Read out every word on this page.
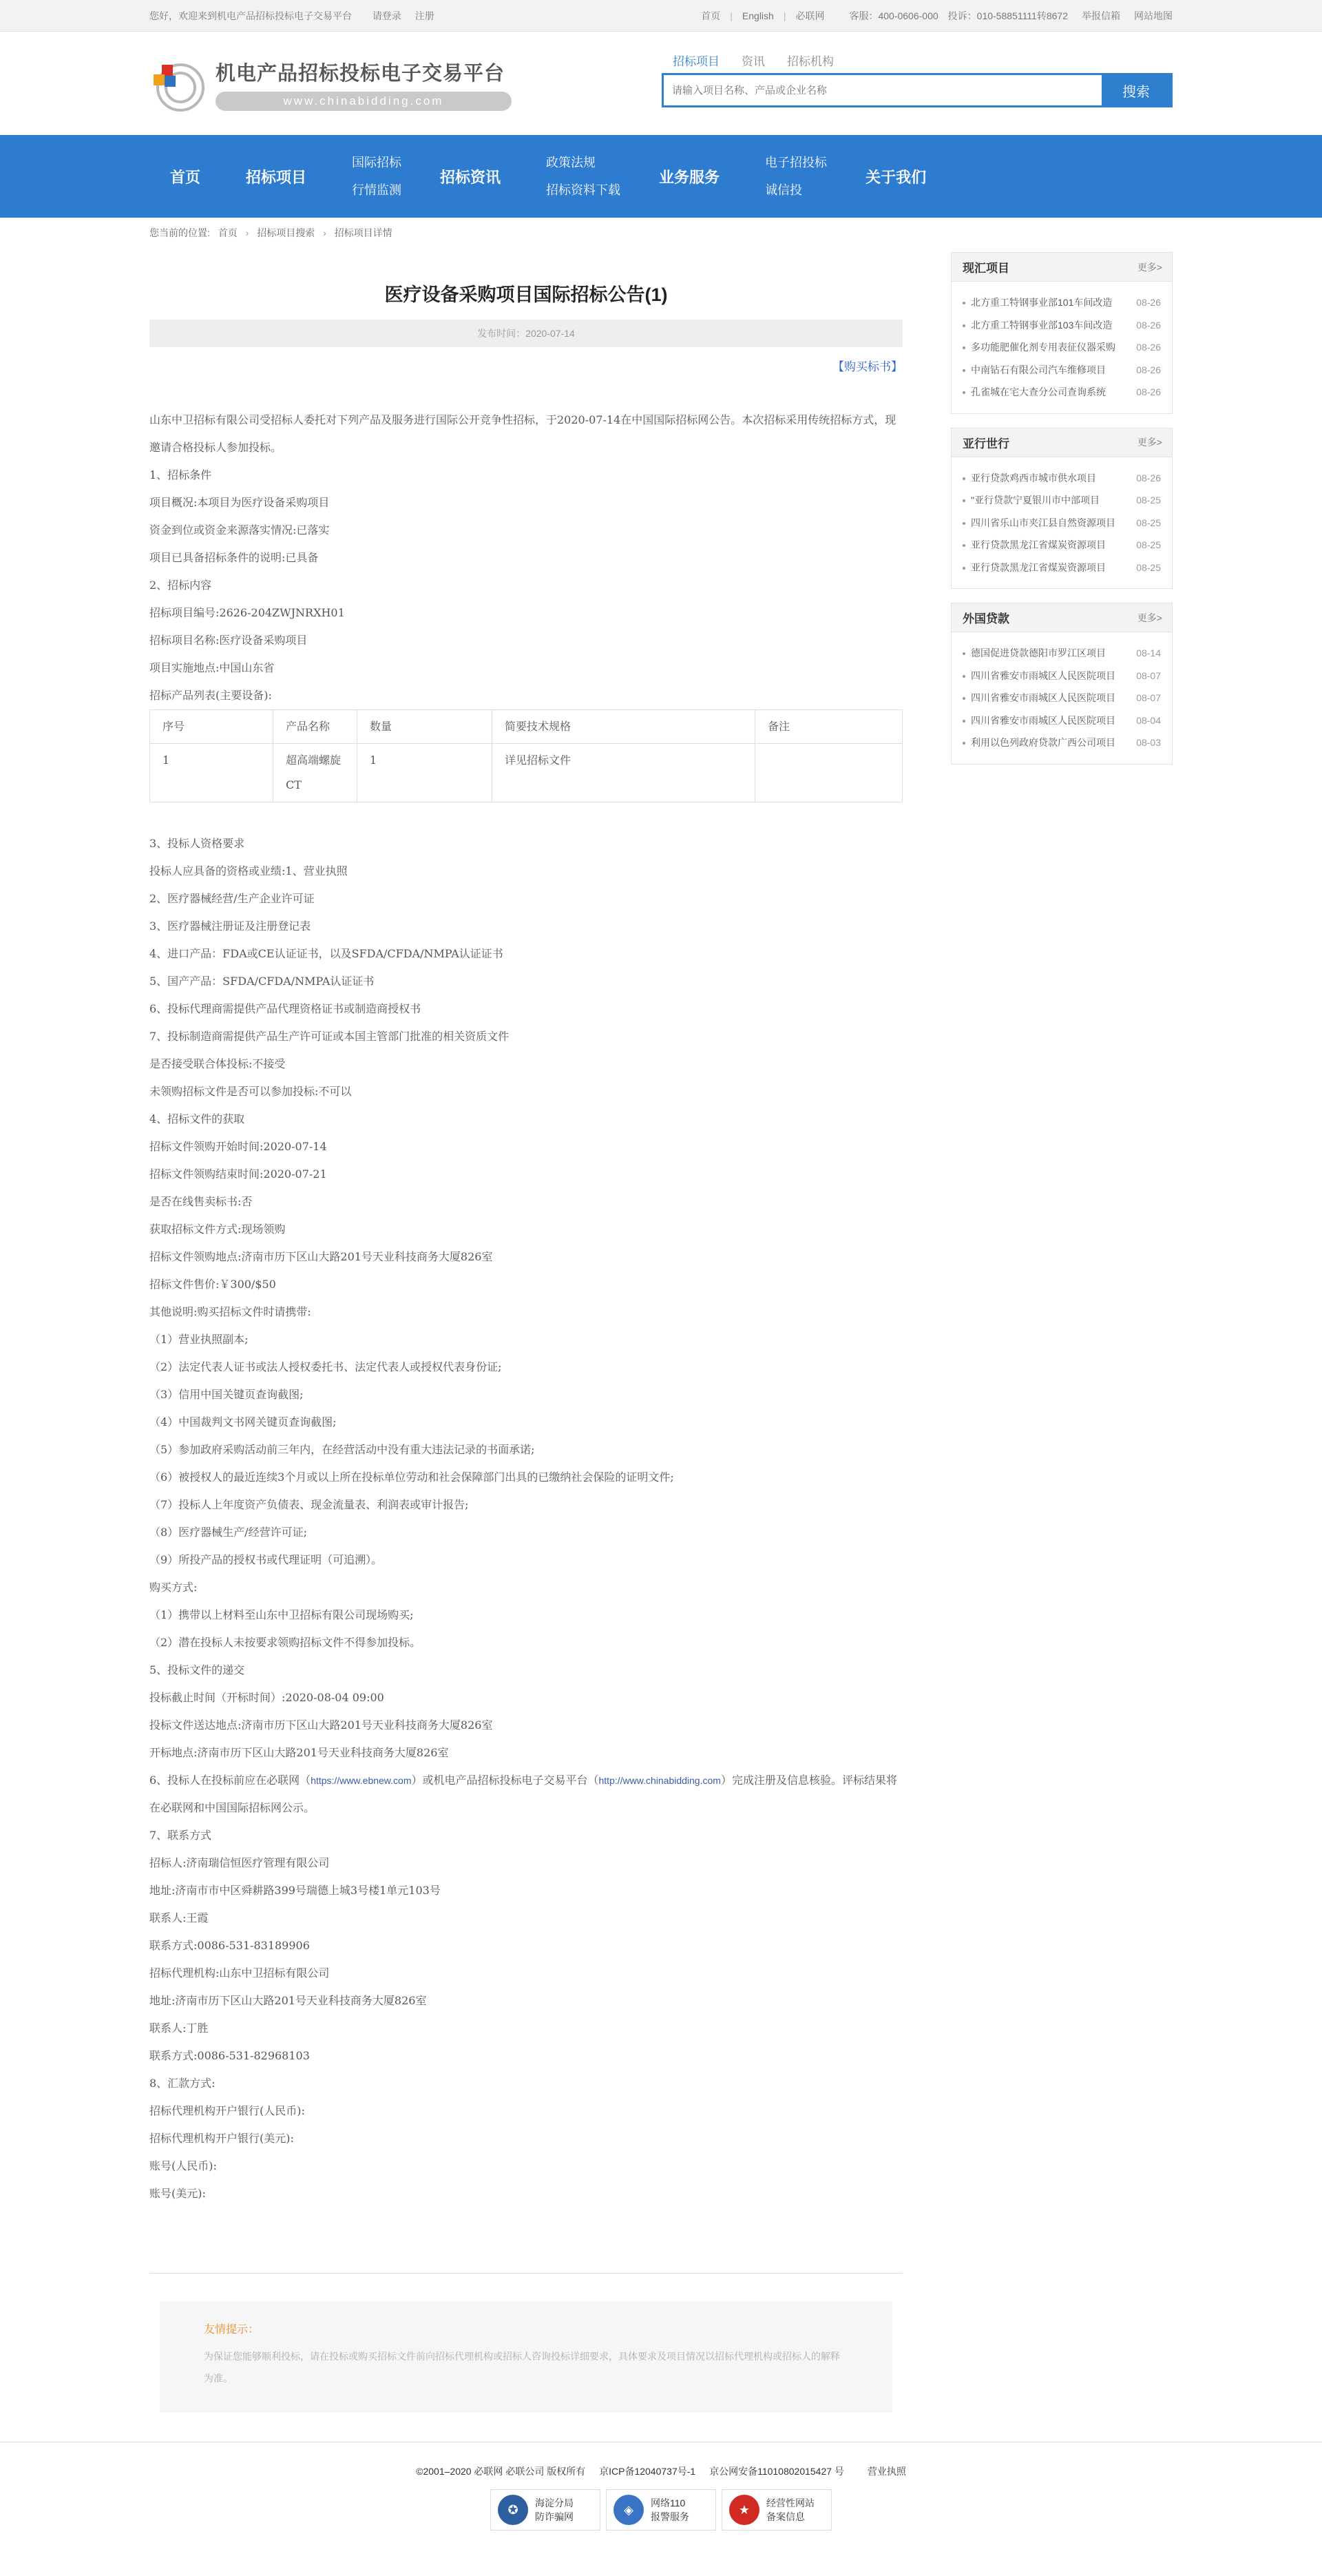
您好，欢迎来到机电产品招标投标电子交易平台 请登录 注册	首页 | English | 必联网	客服：400-0606-000 投诉：010-58851111转8672 举报信箱 网站地图
机电产品招标投标电子交易平台
www.chinabidding.com
招标项目 资讯 招标机构
请输入项目名称、产品或企业名称
搜索
首页	招标项目
国际招标
行情监测
招标资讯
政策法规
招标资料下载
业务服务
电子招投标
诚信投
关于我们
您当前的位置: 首页 › 招标项目搜索 › 招标项目详情
医疗设备采购项目国际招标公告(1)
发布时间：2020-07-14
【购买标书】

山东中卫招标有限公司受招标人委托对下列产品及服务进行国际公开竞争性招标，于2020-07-14在中国国际招标网公告。本次招标采用传统招标方式，现邀请合格投标人参加投标。

1、招标条件

项目概况:本项目为医疗设备采购项目

资金到位或资金来源落实情况:已落实

项目已具备招标条件的说明:已具备

2、招标内容

招标项目编号:2626-204ZWJNRXH01

招标项目名称:医疗设备采购项目

项目实施地点:中国山东省

招标产品列表(主要设备):

序号	产品名称	数量	简要技术规格	备注
1	超高端螺旋CT	1	详见招标文件	

3、投标人资格要求

投标人应具备的资格或业绩:1、营业执照

2、医疗器械经营/生产企业许可证

3、医疗器械注册证及注册登记表

4、进口产品：FDA或CE认证证书，以及SFDA/CFDA/NMPA认证证书

5、国产产品：SFDA/CFDA/NMPA认证证书

6、投标代理商需提供产品代理资格证书或制造商授权书

7、投标制造商需提供产品生产许可证或本国主管部门批准的相关资质文件

是否接受联合体投标:不接受

未领购招标文件是否可以参加投标:不可以

4、招标文件的获取

招标文件领购开始时间:2020-07-14

招标文件领购结束时间:2020-07-21

是否在线售卖标书:否

获取招标文件方式:现场领购

招标文件领购地点:济南市历下区山大路201号天业科技商务大厦826室

招标文件售价:￥300/$50

其他说明:购买招标文件时请携带:

（1）营业执照副本;

（2）法定代表人证书或法人授权委托书、法定代表人或授权代表身份证;

（3）信用中国关键页查询截图;

（4）中国裁判文书网关键页查询截图;

（5）参加政府采购活动前三年内，在经营活动中没有重大违法记录的书面承诺;

（6）被授权人的最近连续3个月或以上所在投标单位劳动和社会保障部门出具的已缴纳社会保险的证明文件;

（7）投标人上年度资产负债表、现金流量表、利润表或审计报告;

（8）医疗器械生产/经营许可证;

（9）所投产品的授权书或代理证明（可追溯）。

购买方式:

（1）携带以上材料至山东中卫招标有限公司现场购买;

（2）潜在投标人未按要求领购招标文件不得参加投标。

5、投标文件的递交

投标截止时间（开标时间）:2020-08-04 09:00

投标文件送达地点:济南市历下区山大路201号天业科技商务大厦826室

开标地点:济南市历下区山大路201号天业科技商务大厦826室

6、投标人在投标前应在必联网（https://www.ebnew.com）或机电产品招标投标电子交易平台（http://www.chinabidding.com）完成注册及信息核验。评标结果将在必联网和中国国际招标网公示。

7、联系方式

招标人:济南瑞信恒医疗管理有限公司

地址:济南市市中区舜耕路399号瑞德上城3号楼1单元103号

联系人:王霞

联系方式:0086-531-83189906

招标代理机构:山东中卫招标有限公司

地址:济南市历下区山大路201号天业科技商务大厦826室

联系人:丁胜

联系方式:0086-531-82968103

8、汇款方式:

招标代理机构开户银行(人民币):

招标代理机构开户银行(美元):

账号(人民币):

账号(美元):

友情提示：
为保证您能够顺利投标，请在投标或购买招标文件前向招标代理机构或招标人咨询投标详细要求，具体要求及项目情况以招标代理机构或招标人的解释为准。
现汇项目	更多>
北方重工特钢事业部101车间改造	08-26
北方重工特钢事业部103车间改造	08-26
多功能肥催化剂专用表征仪器采购	08-26
中南钻石有限公司汽车维修项目	08-26
孔雀城在宅大查分公司查询系统	08-26
亚行世行	更多>
亚行贷款鸡西市城市供水项目	08-26
"亚行贷款宁夏银川市中部项目	08-25
四川省乐山市夹江县自然资源项目	08-25
亚行贷款黑龙江省煤炭资源项目	08-25
亚行贷款黑龙江省煤炭资源项目	08-25
外国贷款	更多>
德国促进贷款德阳市罗江区项目	08-14
四川省雅安市雨城区人民医院项目	08-07
四川省雅安市雨城区人民医院项目	08-07
四川省雅安市雨城区人民医院项目	08-04
利用以色列政府贷款广西公司项目	08-03
©2001–2020 必联网 必联公司 版权所有 京ICP备12040737号-1 京公网安备11010802015427 号 营业执照
✪	海淀分局
防诈骗网
◈	网络110
报警服务
★	经营性网站
备案信息
